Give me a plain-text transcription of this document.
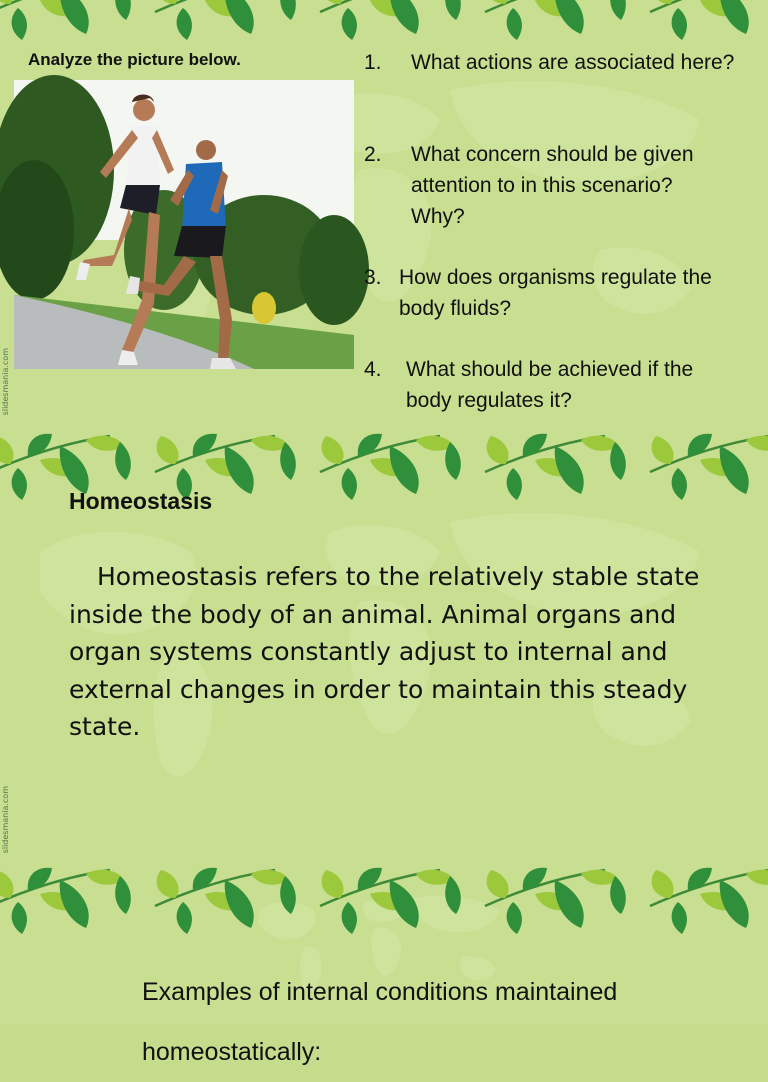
Analyze the picture below.	1.	What actions are associated here?
2.	What concern should be given attention to in this scenario? Why?
3. How does organisms regulate the body fluids?
4.	What should be achieved if the body regulates it?
slidesmania.com
Homeostasis

Homeostasis refers to the relatively stable state inside the body of an animal. Animal organs and organ systems constantly adjust to internal and external changes in order to maintain this steady state.

slidesmania.com

Examples of internal conditions maintained homeostatically:
